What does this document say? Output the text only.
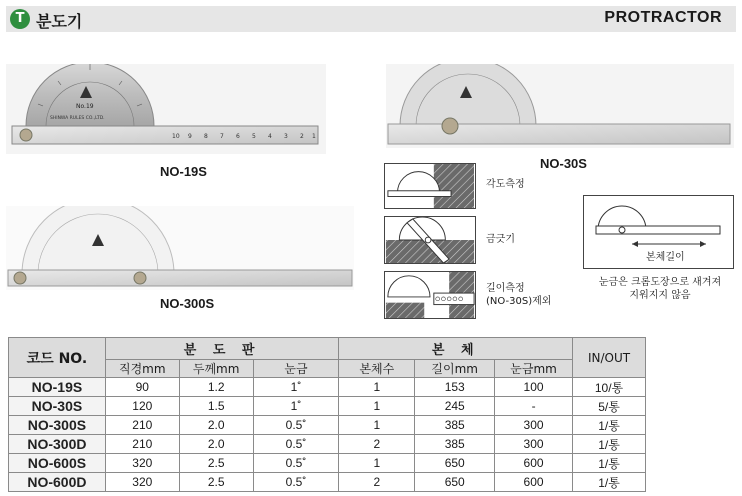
T 분도기	PROTRACTOR
No.19
SHINWA RULES CO.,LTD.
10 9 8 7 6 5 4 3 2 1
NO-19S
NO-30S
NO-300S
각도측정
금긋기
길이측정
(NO-30S)제외
본체길이
눈금은 크롬도장으로 새겨져
지워지지 않음
코드 NO.	분 도 판			본 체			IN/OUT
	직경mm	두께mm	눈금	본체수	길이mm	눈금mm	
NO-19S	90	1.2	1˚	1	153	100	10/통
NO-30S	120	1.5	1˚	1	245	-	5/통
NO-300S	210	2.0	0.5˚	1	385	300	1/통
NO-300D	210	2.0	0.5˚	2	385	300	1/통
NO-600S	320	2.5	0.5˚	1	650	600	1/통
NO-600D	320	2.5	0.5˚	2	650	600	1/통
